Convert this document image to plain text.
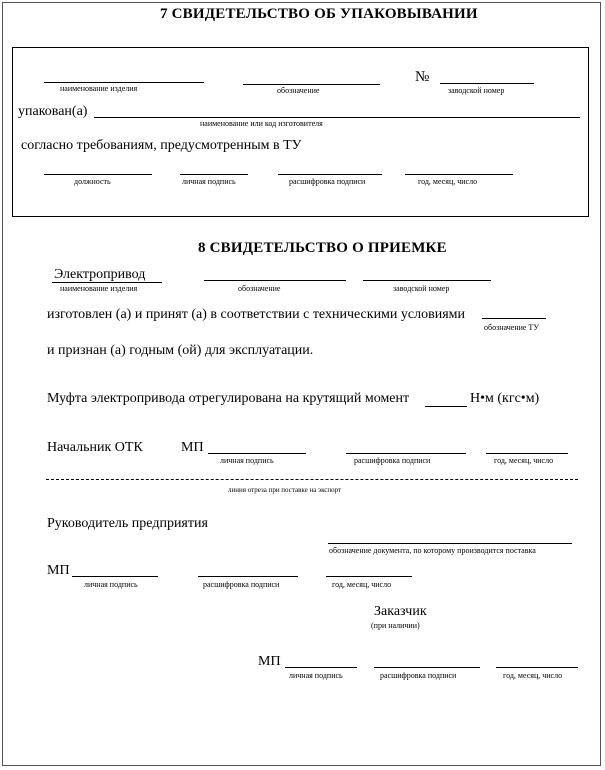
7 СВИДЕТЕЛЬСТВО ОБ УПАКОВЫВАНИИ
наименование изделия	обозначение
№
заводской номер
упакован(а)
наименование или код изготовителя
согласно требованиям, предусмотренным в ТУ
должность	личная подпись	расшифровка подписи	год, месяц, число
8 СВИДЕТЕЛЬСТВО О ПРИЕМКЕ
Электропривод
наименование изделия	обозначение	заводской номер
изготовлен (а) и принят (а) в соответствии с техническими условиями
обозначение ТУ
и признан (а) годным (ой) для эксплуатации.
Муфта электропривода отрегулирована на крутящий момент	Н•м (кгс•м)
Начальник ОТК	МП
личная подпись	расшифровка подписи	год, месяц, число
линия отреза при поставке на экспорт
Руководитель предприятия
обозначение документа, по которому производится поставка
МП
личная подпись	расшифровка подписи	год, месяц, число
Заказчик
(при наличии)
МП
личная подпись	расшифровка подписи	год, месяц, число
